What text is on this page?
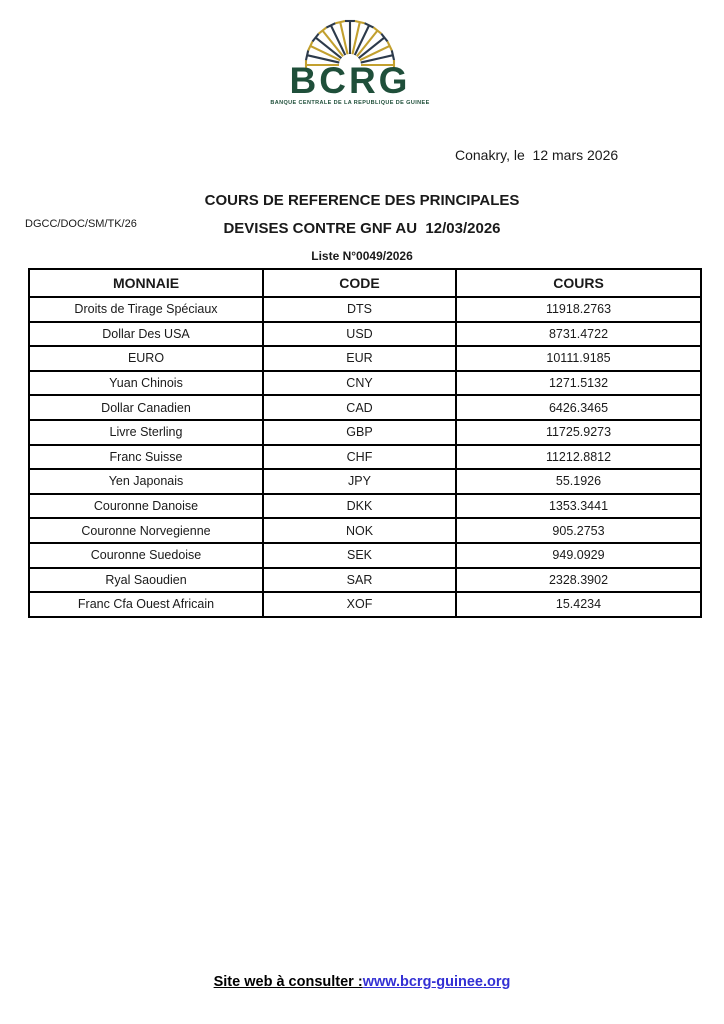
BCRG
BANQUE CENTRALE DE LA REPUBLIQUE DE GUINEE
Conakry, le  12 mars 2026
DGCC/DOC/SM/TK/26
COURS DE REFERENCE DES PRINCIPALES
DEVISES CONTRE GNF AU  12/03/2026
Liste N°0049/2026
MONNAIE	CODE	COURS
Droits de Tirage Spéciaux	DTS	11918.2763
Dollar Des USA	USD	8731.4722
EURO	EUR	10111.9185
Yuan Chinois	CNY	1271.5132
Dollar Canadien	CAD	6426.3465
Livre Sterling	GBP	11725.9273
Franc Suisse	CHF	11212.8812
Yen Japonais	JPY	55.1926
Couronne Danoise	DKK	1353.3441
Couronne Norvegienne	NOK	905.2753
Couronne Suedoise	SEK	949.0929
Ryal Saoudien	SAR	2328.3902
Franc Cfa Ouest Africain	XOF	15.4234
Site web à consulter :www.bcrg-guinee.org
